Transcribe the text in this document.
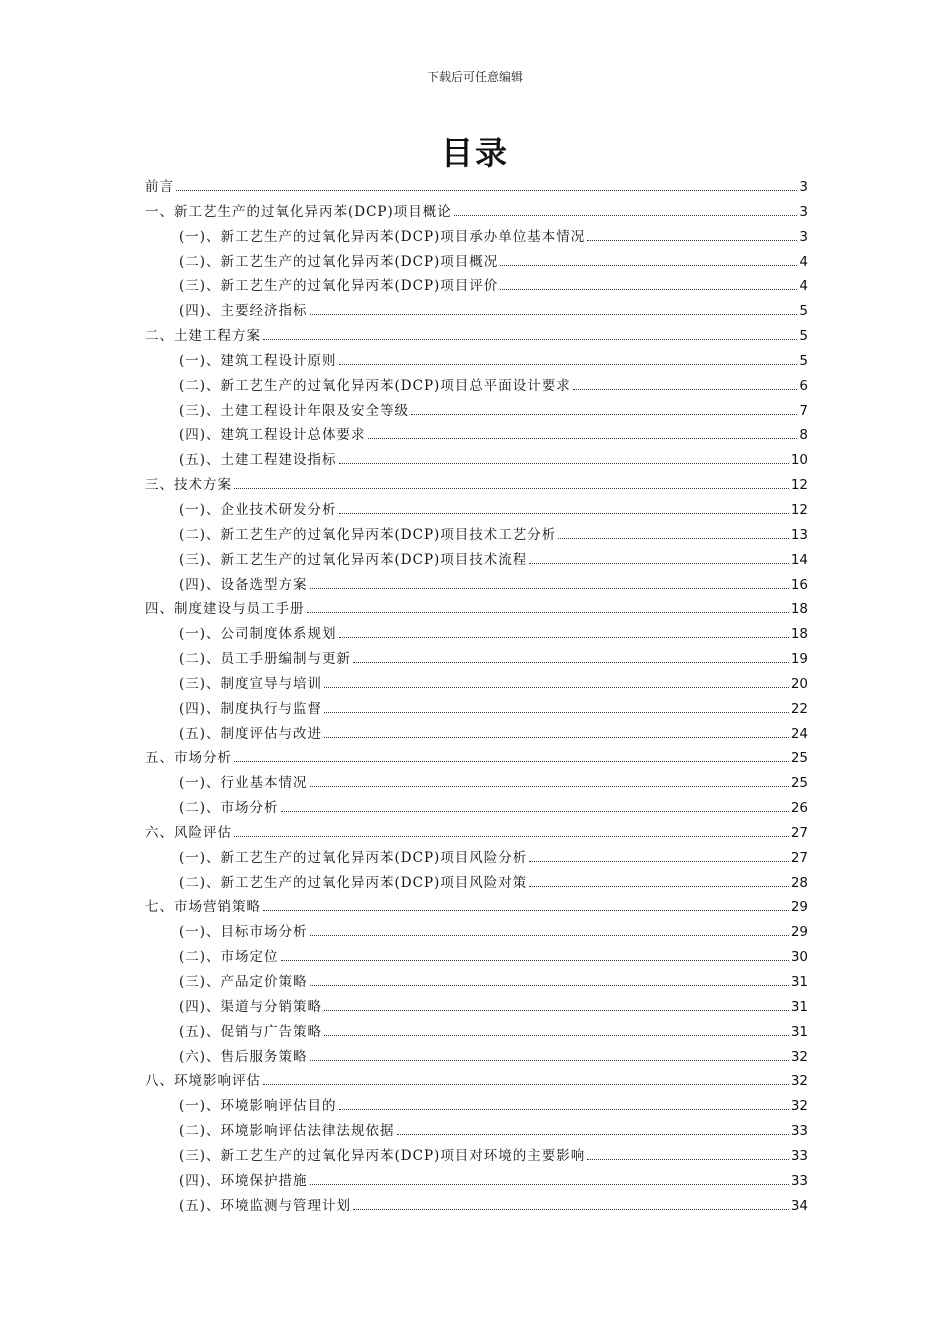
下载后可任意编辑
目录
前言	3
一、新工艺生产的过氧化异丙苯(DCP)项目概论	3
(一)、新工艺生产的过氧化异丙苯(DCP)项目承办单位基本情况	3
(二)、新工艺生产的过氧化异丙苯(DCP)项目概况	4
(三)、新工艺生产的过氧化异丙苯(DCP)项目评价	4
(四)、主要经济指标	5
二、土建工程方案	5
(一)、建筑工程设计原则	5
(二)、新工艺生产的过氧化异丙苯(DCP)项目总平面设计要求	6
(三)、土建工程设计年限及安全等级	7
(四)、建筑工程设计总体要求	8
(五)、土建工程建设指标	10
三、技术方案	12
(一)、企业技术研发分析	12
(二)、新工艺生产的过氧化异丙苯(DCP)项目技术工艺分析	13
(三)、新工艺生产的过氧化异丙苯(DCP)项目技术流程	14
(四)、设备选型方案	16
四、制度建设与员工手册	18
(一)、公司制度体系规划	18
(二)、员工手册编制与更新	19
(三)、制度宣导与培训	20
(四)、制度执行与监督	22
(五)、制度评估与改进	24
五、市场分析	25
(一)、行业基本情况	25
(二)、市场分析	26
六、风险评估	27
(一)、新工艺生产的过氧化异丙苯(DCP)项目风险分析	27
(二)、新工艺生产的过氧化异丙苯(DCP)项目风险对策	28
七、市场营销策略	29
(一)、目标市场分析	29
(二)、市场定位	30
(三)、产品定价策略	31
(四)、渠道与分销策略	31
(五)、促销与广告策略	31
(六)、售后服务策略	32
八、环境影响评估	32
(一)、环境影响评估目的	32
(二)、环境影响评估法律法规依据	33
(三)、新工艺生产的过氧化异丙苯(DCP)项目对环境的主要影响	33
(四)、环境保护措施	33
(五)、环境监测与管理计划	34
